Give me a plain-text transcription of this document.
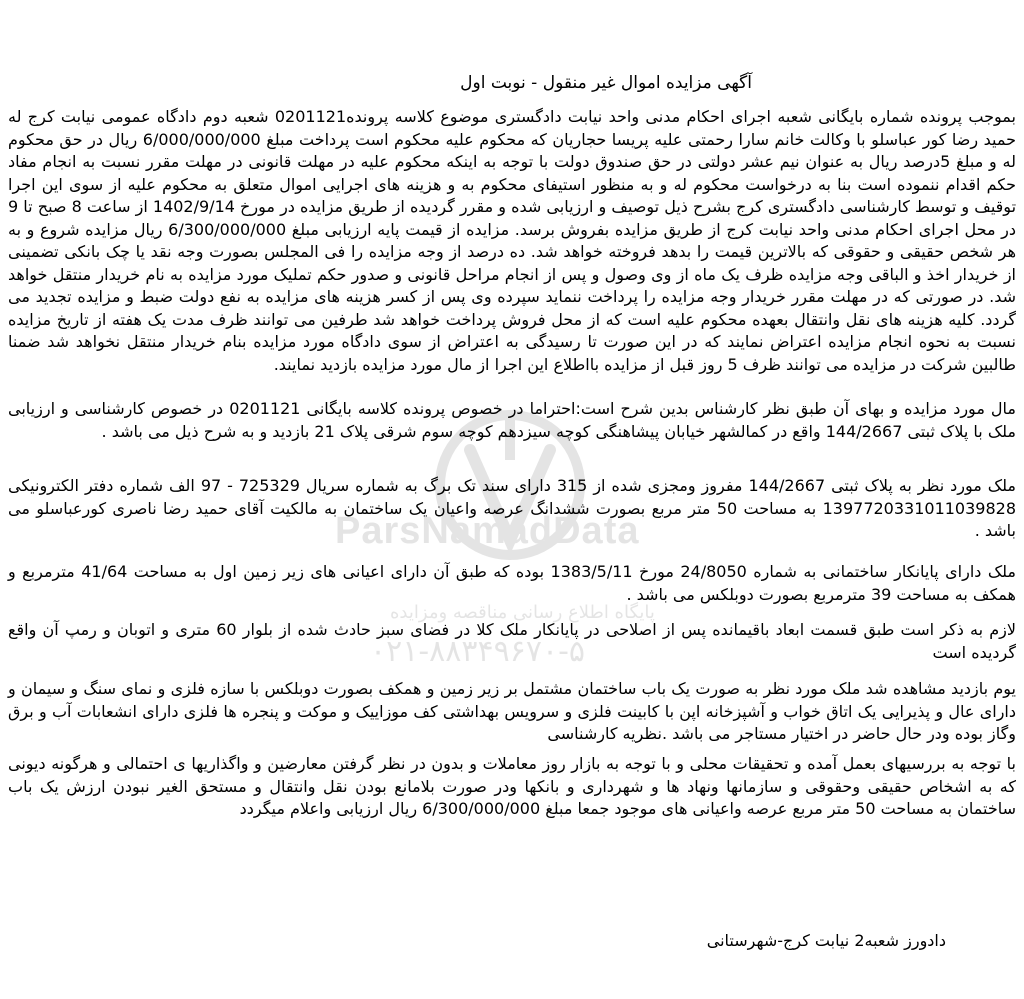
ParsNamadData
پایگاه اطلاع رسانی مناقصه ومزایده
۰۲۱-۸۸۳۴۹۶۷۰-۵
آگهی مزایده اموال غیر منقول - نوبت اول
بموجب پرونده شماره بایگانی شعبه اجرای احکام مدنی واحد نیابت دادگستری موضوع کلاسه پرونده0201121 شعبه دوم دادگاه عمومی نیابت کرج له حمید رضا کور عباسلو با وکالت خانم سارا رحمتی علیه پریسا حجاریان که محکوم علیه محکوم است پرداخت مبلغ 6/000/000/000 ریال در حق محکوم له و مبلغ 5درصد ریال به عنوان نیم عشر دولتی در حق صندوق دولت با توجه به اینکه محکوم علیه در مهلت قانونی در مهلت مقرر نسبت به انجام مفاد حکم اقدام ننموده است بنا به درخواست محکوم له و به منظور استیفای محکوم به و هزینه های اجرایی اموال متعلق به محکوم علیه از سوی این اجرا توقیف و توسط کارشناسی دادگستری کرج بشرح ذیل توصیف و ارزیابی شده و مقرر گردیده از طریق مزایده در مورخ 1402/9/14 از ساعت 8 صبح تا 9 در محل اجرای احکام مدنی واحد نیابت کرج از طریق مزایده بفروش برسد. مزایده از قیمت پایه ارزیابی مبلغ 6/300/000/000 ریال مزایده شروع و به هر شخص حقیقی و حقوقی که بالاترین قیمت را بدهد فروخته خواهد شد. ده درصد از وجه مزایده را فی المجلس بصورت وجه نقد یا چک بانکی تضمینی از خریدار اخذ و الباقی وجه مزایده ظرف یک ماه از وی وصول و پس از انجام مراحل قانونی و صدور حکم تملیک مورد مزایده به نام خریدار منتقل خواهد شد. در صورتی که در مهلت مقرر خریدار وجه مزایده را پرداخت ننماید سپرده وی پس از کسر هزینه های مزایده به نفع دولت ضبط و مزایده تجدید می گردد. کلیه هزینه های نقل وانتقال بعهده محکوم علیه است که از محل فروش پرداخت خواهد شد طرفین می توانند ظرف مدت یک هفته از تاریخ مزایده نسبت به نحوه انجام مزایده اعتراض نمایند که در این صورت تا رسیدگی به اعتراض از سوی دادگاه مورد مزایده بنام خریدار منتقل نخواهد شد ضمنا طالبین شرکت در مزایده می توانند ظرف 5 روز قبل از مزایده بااطلاع این اجرا از مال مورد مزایده بازدید نمایند.
مال مورد مزایده و بهای آن طبق نظر کارشناس بدین شرح است:احتراما در خصوص پرونده کلاسه بایگانی 0201121 در خصوص کارشناسی و ارزیابی ملک با پلاک ثبتی 144/2667 واقع در کمالشهر خیابان پیشاهنگی کوچه سیزدهم کوچه سوم شرقی پلاک 21 بازدید و به شرح ذیل می باشد .
ملک مورد نظر به پلاک ثبتی 144/2667 مفروز ومجزی شده از 315 دارای سند تک برگ به شماره سریال 725329 - 97 الف شماره دفتر الکترونیکی 139772033101103982‌8 به مساحت 50 متر مربع بصورت ششدانگ عرصه واعیان یک ساختمان به مالکیت آقای حمید رضا ناصری کورعباسلو می باشد .
ملک دارای پایانکار ساختمانی به شماره 24/8050 مورخ 1383/5/11 بوده که طبق آن دارای اعیانی های زیر زمین اول به مساحت 41/64 مترمربع و همکف به مساحت 39 مترمربع بصورت دوبلکس می باشد .
لازم به ذکر است طبق قسمت ابعاد باقیمانده پس از اصلاحی در پایانکار ملک کلا در فضای سبز حادث شده از بلوار 60 متری و اتوبان و رمپ آن واقع گردیده است
یوم بازدید مشاهده شد ملک مورد نظر به صورت یک باب ساختمان مشتمل بر زیر زمین و همکف بصورت دوبلکس با سازه فلزی و نمای سنگ و سیمان و دارای عال و پذیرایی یک اتاق خواب و آشپزخانه اپن با کابینت فلزی و سرویس بهداشتی کف موزاییک و موکت و پنجره ها فلزی دارای انشعابات آب و برق وگاز بوده ودر حال حاضر در اختیار مستاجر می باشد .نظریه کارشناسی
با توجه به بررسیهای بعمل آمده و تحقیقات محلی و با توجه به بازار روز معاملات و بدون در نظر گرفتن معارضین و واگذاریها ی احتمالی و هرگونه دیونی که به اشخاص حقیقی وحقوقی و سازمانها ونهاد ها و شهرداری و بانکها ودر صورت بلامانع بودن نقل وانتقال و مستحق الغیر نبودن ارزش یک باب ساختمان به مساحت 50 متر مربع عرصه واعیانی های موجود جمعا مبلغ 6/300/000/000 ریال ارزیابی واعلام میگردد
دادورز شعبه2 نیابت کرج-شهرستانی
